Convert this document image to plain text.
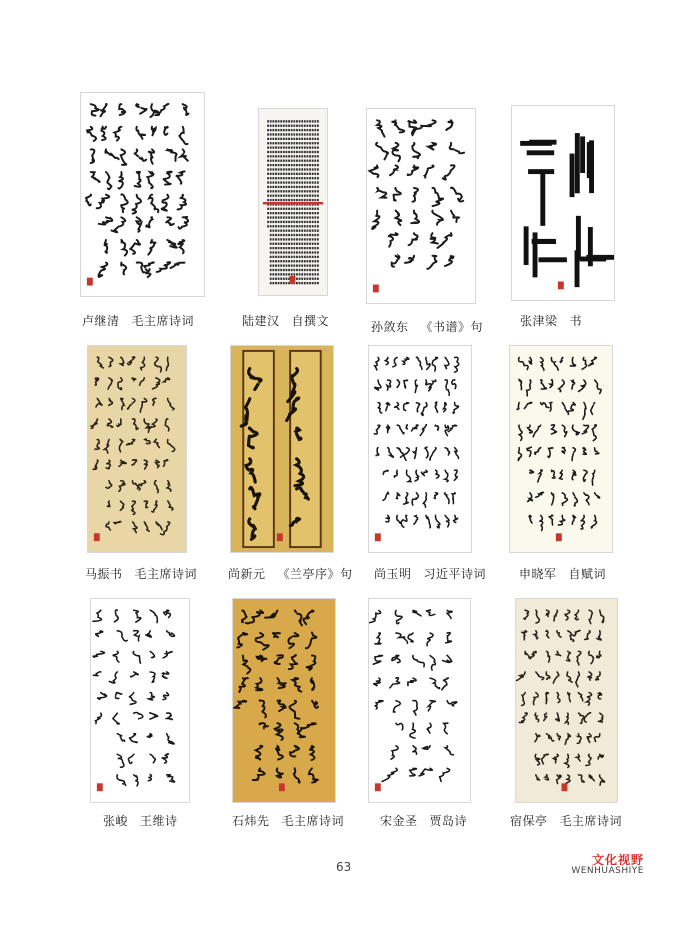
卢继清 毛主席诗词	陆建汉 自撰文	孙敛东 《书谱》句	张津梁 书
马振书 毛主席诗词	尚新元 《兰亭序》句 尚玉明 习近平诗词	申晓军 自赋词
张峻 王维诗	石炜先 毛主席诗词	宋金圣 贾岛诗	宿保亭 毛主席诗词
63	文化视野
WENHUASHIYE
